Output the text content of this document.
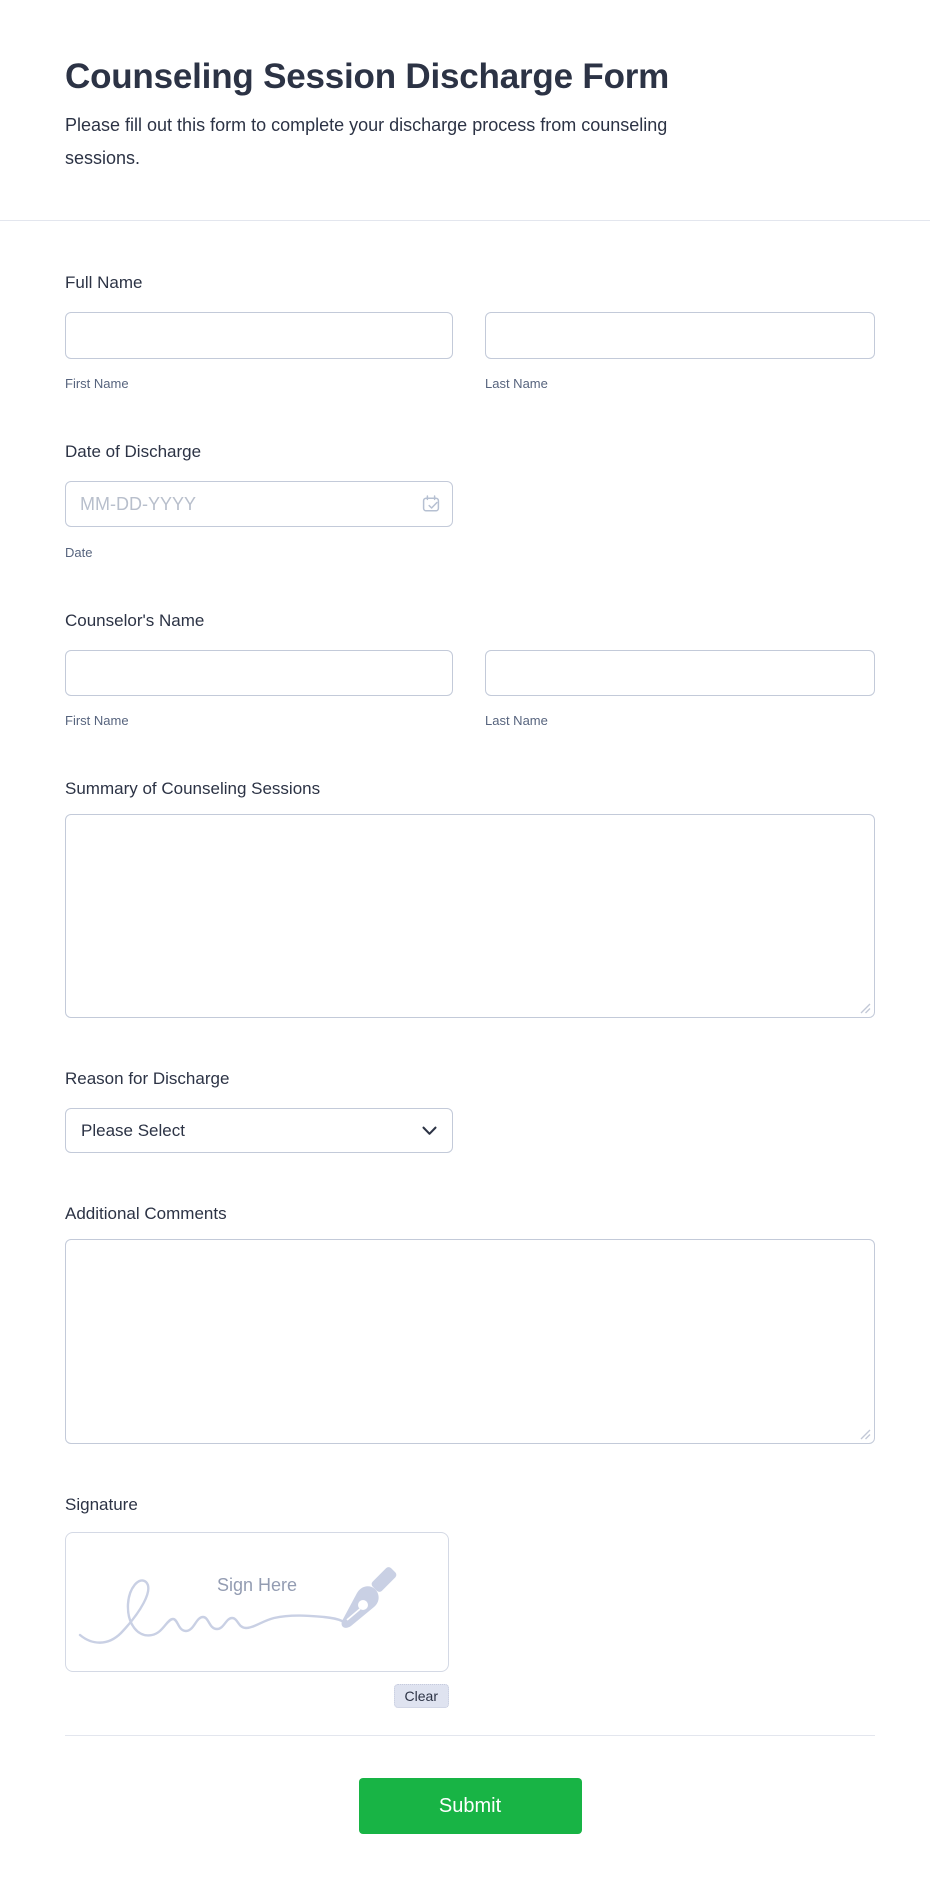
Counseling Session Discharge Form

Please fill out this form to complete your discharge process from counseling sessions.

Full Name
First Name	Last Name
Date of Discharge
MM-DD-YYYY
Date
Counselor's Name
First Name	Last Name
Summary of Counseling Sessions
Reason for Discharge
Please Select
Additional Comments
Signature
Sign Here
Clear
Submit
